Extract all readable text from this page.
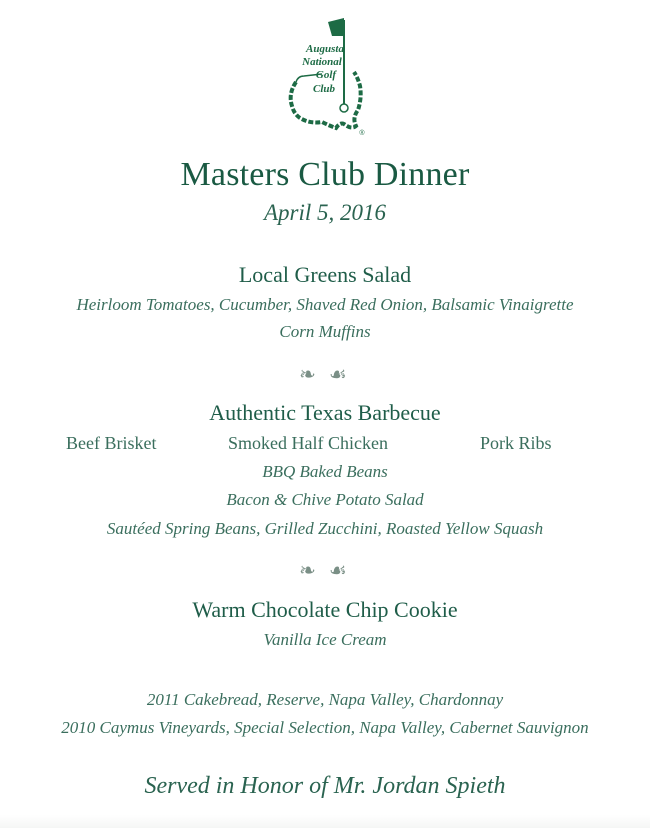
Augusta
National
Golf
Club
®
Masters Club Dinner
April 5, 2016
Local Greens Salad
Heirloom Tomatoes, Cucumber, Shaved Red Onion, Balsamic Vinaigrette
Corn Muffins
❧ ☙
Authentic Texas Barbecue
Beef Brisket	Smoked Half Chicken	Pork Ribs
BBQ Baked Beans
Bacon & Chive Potato Salad
Sautéed Spring Beans, Grilled Zucchini, Roasted Yellow Squash
❧ ☙
Warm Chocolate Chip Cookie
Vanilla Ice Cream
2011 Cakebread, Reserve, Napa Valley, Chardonnay
2010 Caymus Vineyards, Special Selection, Napa Valley, Cabernet Sauvignon
Served in Honor of Mr. Jordan Spieth
